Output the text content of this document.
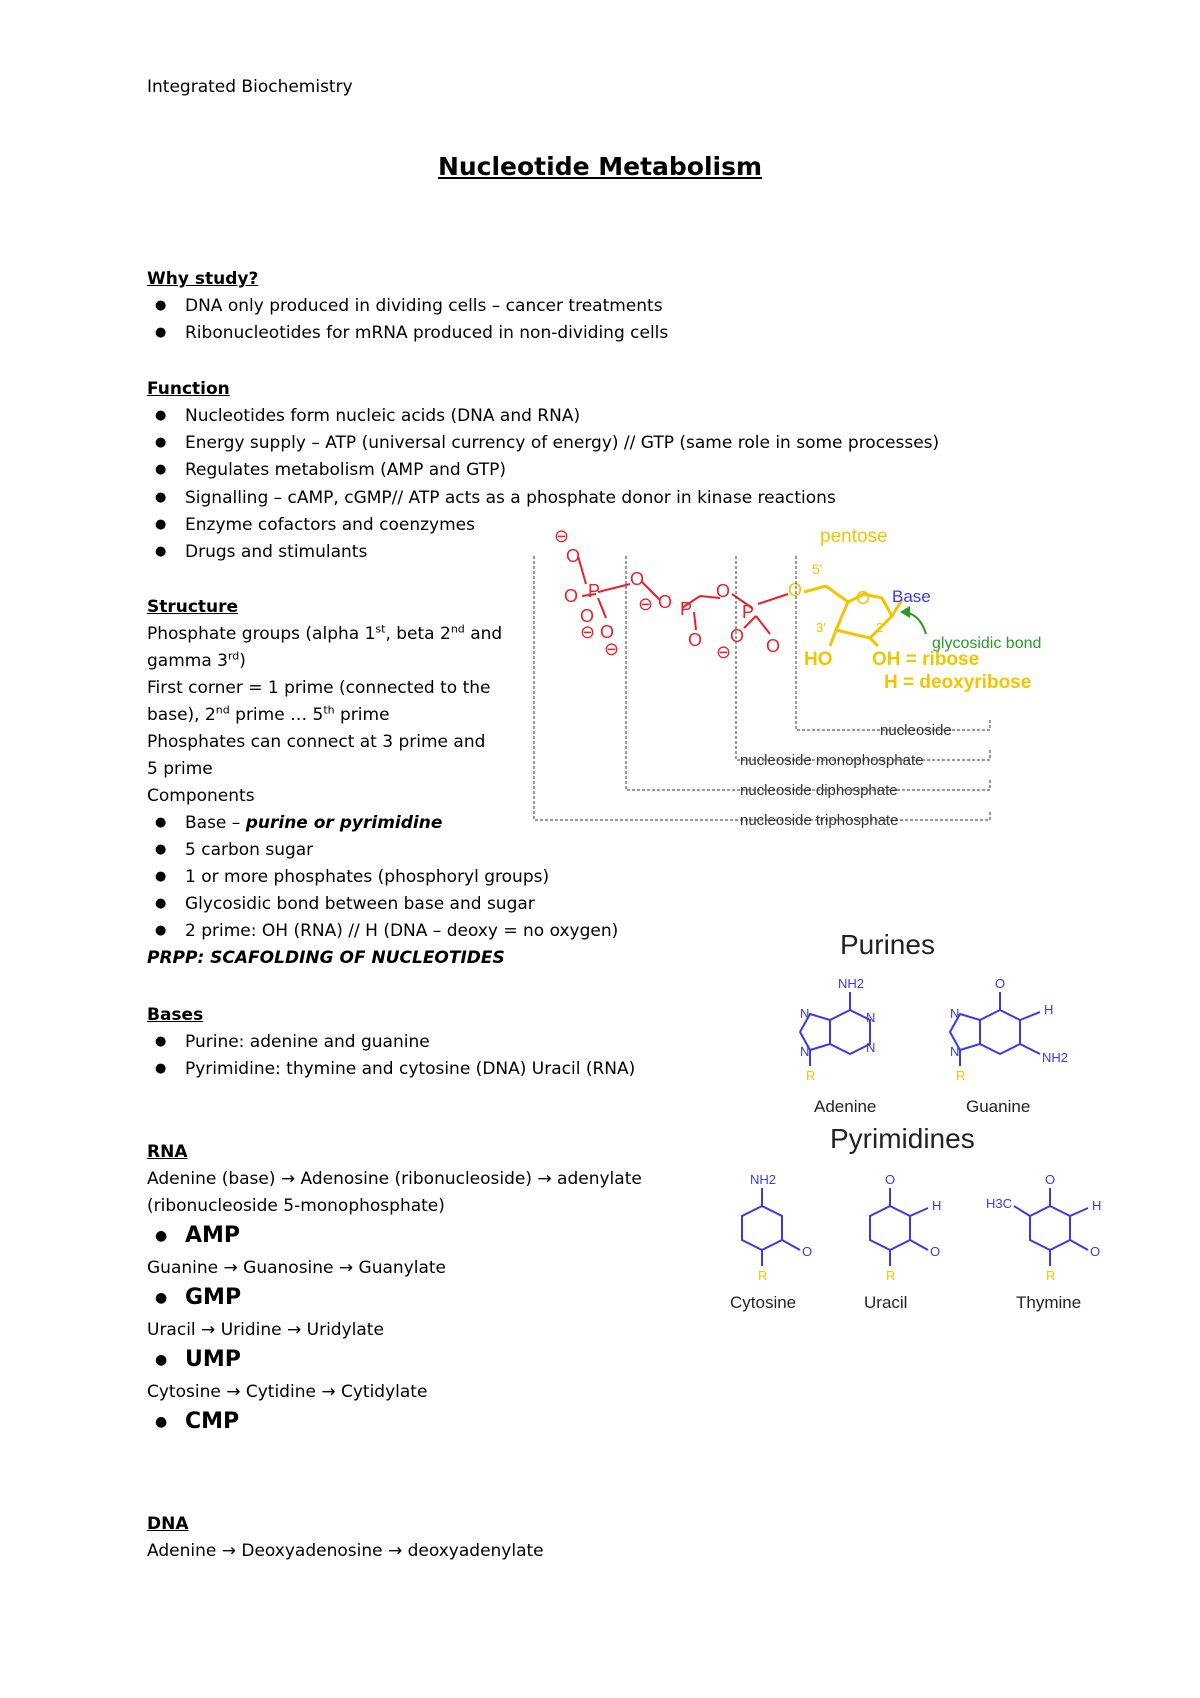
Integrated Biochemistry
Nucleotide Metabolism
Why study?
● DNA only produced in dividing cells – cancer treatments
● Ribonucleotides for mRNA produced in non-dividing cells
Function
● Nucleotides form nucleic acids (DNA and RNA)
● Energy supply – ATP (universal currency of energy) // GTP (same role in some processes)
● Regulates metabolism (AMP and GTP)
● Signalling – cAMP, cGMP// ATP acts as a phosphate donor in kinase reactions
● Enzyme cofactors and coenzymes
● Drugs and stimulants
Structure
Phosphate groups (alpha 1st, beta 2nd and
gamma 3rd)
First corner = 1 prime (connected to the
base), 2nd prime … 5th prime
Phosphates can connect at 3 prime and
5 prime
Components
● Base – purine or pyrimidine
● 5 carbon sugar
● 1 or more phosphates (phosphoryl groups)
● Glycosidic bond between base and sugar
● 2 prime: OH (RNA) // H (DNA – deoxy = no oxygen)
PRPP: SCAFOLDING OF NUCLEOTIDES
Bases
● Purine: adenine and guanine
● Pyrimidine: thymine and cytosine (DNA) Uracil (RNA)
RNA
Adenine (base) → Adenosine (ribonucleoside) → adenylate
(ribonucleoside 5-monophosphate)
● AMP
Guanine → Guanosine → Guanylate
● GMP
Uracil → Uridine → Uridylate
● UMP
Cytosine → Cytidine → Cytidylate
● CMP
DNA
Adenine → Deoxyadenosine → deoxyadenylate
⊖
O
P
O
O
O
⊖ O
⊖
⊖ O P
O
O
P
O
⊖ O
O	O
5'
3'	2'
pentose
HO OH = ribose
H = deoxyribose
Base
glycosidic bond
nucleoside
nucleoside monophosphate
nucleoside diphosphate
nucleoside triphosphate
Purines
Pyrimidines
NH2
N
N
N
N
R
Adenine
O
H
NH2
N
N
R
Guanine
NH2
O
R
Cytosine
O
H
O
R
Uracil
O
H3C	H
O
R
Thymine
